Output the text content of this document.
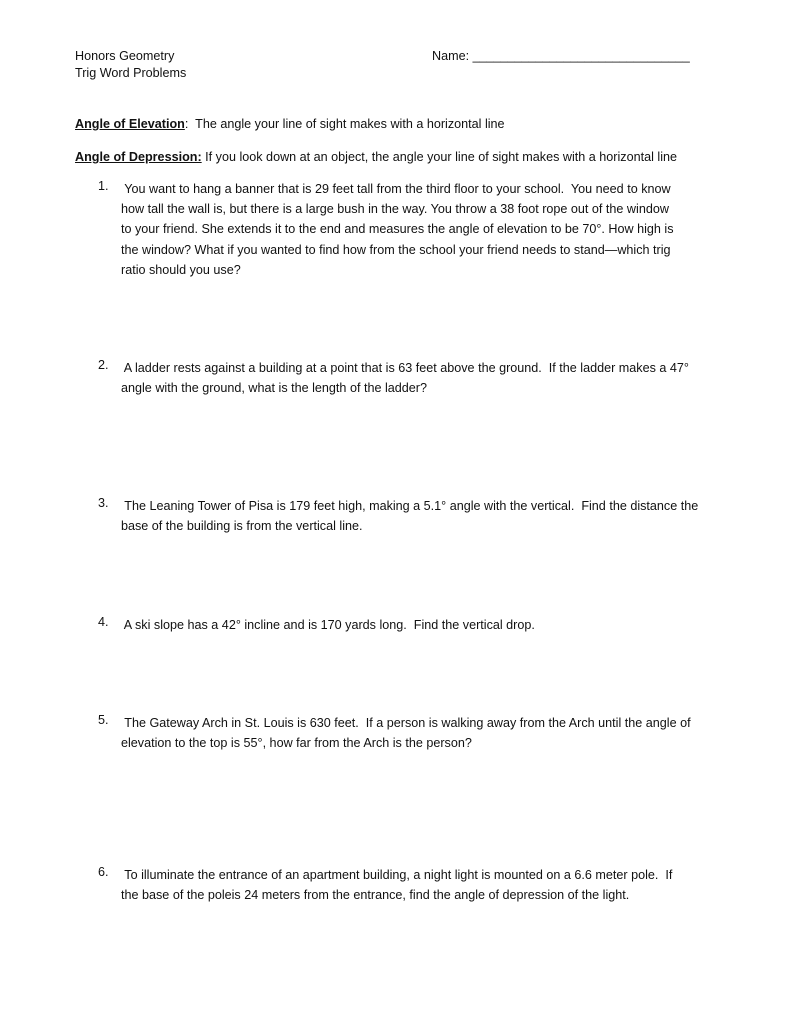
Honors Geometry
Trig Word Problems
Name: _______________________________
Angle of Elevation:  The angle your line of sight makes with a horizontal line
Angle of Depression: If you look down at an object, the angle your line of sight makes with a horizontal line
1. You want to hang a banner that is 29 feet tall from the third floor to your school.  You need to know
how tall the wall is, but there is a large bush in the way. You throw a 38 foot rope out of the window
to your friend. She extends it to the end and measures the angle of elevation to be 70°. How high is
the window? What if you wanted to find how from the school your friend needs to stand—which trig
ratio should you use?
2. A ladder rests against a building at a point that is 63 feet above the ground.  If the ladder makes a 47°
angle with the ground, what is the length of the ladder?
3. The Leaning Tower of Pisa is 179 feet high, making a 5.1° angle with the vertical.  Find the distance the
base of the building is from the vertical line.
4. A ski slope has a 42° incline and is 170 yards long.  Find the vertical drop.
5. The Gateway Arch in St. Louis is 630 feet.  If a person is walking away from the Arch until the angle of
elevation to the top is 55°, how far from the Arch is the person?
6. To illuminate the entrance of an apartment building, a night light is mounted on a 6.6 meter pole.  If
the base of the poleis 24 meters from the entrance, find the angle of depression of the light.
